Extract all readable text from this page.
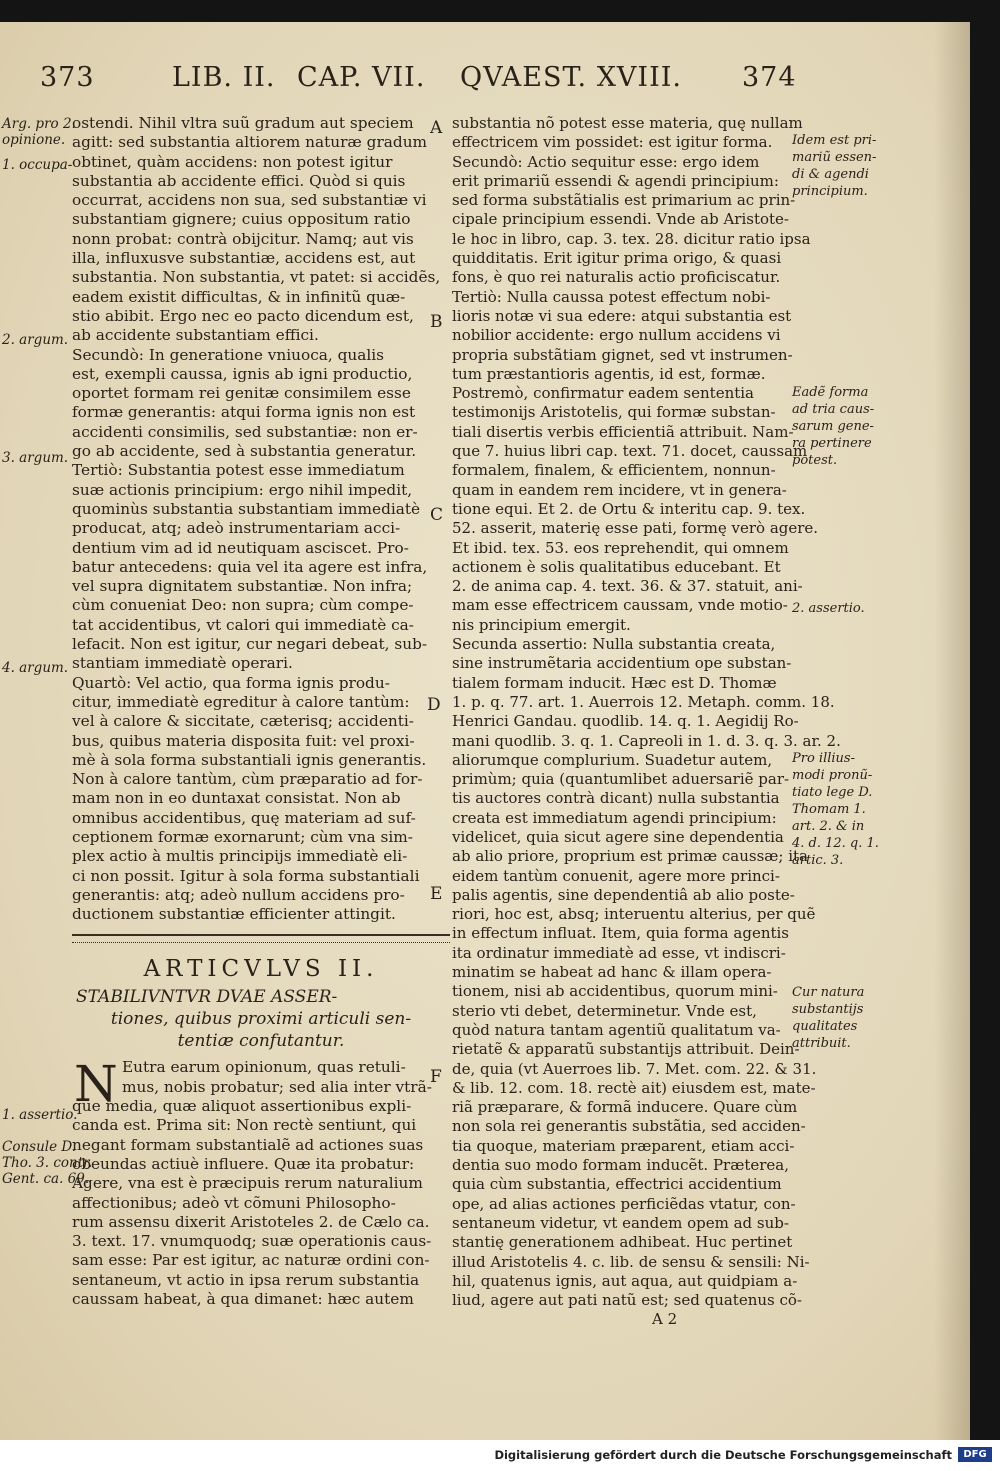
373	LIB. II. CAP. VII. QVAEST. XVIII. 374
ostendi. Nihil vltra suũ gradum aut speciem
agitt: sed substantia altiorem naturæ gradum
obtinet, quàm accidens: non potest igitur
substantia ab accidente effici. Quòd si quis
occurrat, accidens non sua, sed substantiæ vi
substantiam gignere; cuius oppositum ratio
nonn probat: contrà obijcitur. Namq; aut vis
illa, influxusve substantiæ, accidens est, aut
substantia. Non substantia, vt patet: si accidẽs,
eadem existit difficultas, & in infinitũ quæ-
stio abibit. Ergo nec eo pacto dicendum est,
ab accidente substantiam effici.
Secundò: In generatione vniuoca, qualis
est, exempli caussa, ignis ab igni productio,
oportet formam rei genitæ consimilem esse
formæ generantis: atqui forma ignis non est
accidenti consimilis, sed substantiæ: non er-
go ab accidente, sed à substantia generatur.
Tertiò: Substantia potest esse immediatum
suæ actionis principium: ergo nihil impedit,
quominùs substantia substantiam immediatè
producat, atq; adeò instrumentariam acci-
dentium vim ad id neutiquam asciscet. Pro-
batur antecedens: quia vel ita agere est infra,
vel supra dignitatem substantiæ. Non infra;
cùm conueniat Deo: non supra; cùm compe-
tat accidentibus, vt calori qui immediatè ca-
lefacit. Non est igitur, cur negari debeat, sub-
stantiam immediatè operari.
Quartò: Vel actio, qua forma ignis produ-
citur, immediatè egreditur à calore tantùm:
vel à calore & siccitate, cæterisq; accidenti-
bus, quibus materia disposita fuit: vel proxi-
mè à sola forma substantiali ignis generantis.
Non à calore tantùm, cùm præparatio ad for-
mam non in eo duntaxat consistat. Non ab
omnibus accidentibus, quę materiam ad suf-
ceptionem formæ exornarunt; cùm vna sim-
plex actio à multis principijs immediatè eli-
ci non possit. Igitur à sola forma substantiali
generantis: atq; adeò nullum accidens pro-
ductionem substantiæ efficienter attingit.
ARTICVLVS II.
STABILIVNTVR DVAE ASSER-
tiones, quibus proximi articuli sen-
tentiæ confutantur.
N Eutra earum opinionum, quas retuli-
mus, nobis probatur; sed alia inter vtrã-
que media, quæ aliquot assertionibus expli-
canda est. Prima sit: Non rectè sentiunt, qui
negant formam substantialẽ ad actiones suas
obeundas actiuè influere. Quæ ita probatur:
Agere, vna est è præcipuis rerum naturalium
affectionibus; adeò vt cõmuni Philosopho-
rum assensu dixerit Aristoteles 2. de Cælo ca.
3. text. 17. vnumquodq; suæ operationis caus-
sam esse: Par est igitur, ac naturæ ordini con-
sentaneum, vt actio in ipsa rerum substantia
caussam habeat, à qua dimanet: hæc autem
substantia nõ potest esse materia, quę nullam
effectricem vim possidet: est igitur forma.
Secundò: Actio sequitur esse: ergo idem
erit primariũ essendi & agendi principium:
sed forma substãtialis est primarium ac prin-
cipale principium essendi. Vnde ab Aristote-
le hoc in libro, cap. 3. tex. 28. dicitur ratio ipsa
quidditatis. Erit igitur prima origo, & quasi
fons, è quo rei naturalis actio proficiscatur.
Tertiò: Nulla caussa potest effectum nobi-
lioris notæ vi sua edere: atqui substantia est
nobilior accidente: ergo nullum accidens vi
propria substãtiam gignet, sed vt instrumen-
tum præstantioris agentis, id est, formæ.
Postremò, confirmatur eadem sententia
testimonijs Aristotelis, qui formæ substan-
tiali disertis verbis efficientiã attribuit. Nam-
que 7. huius libri cap. text. 71. docet, caussam
formalem, finalem, & efficientem, nonnun-
quam in eandem rem incidere, vt in genera-
tione equi. Et 2. de Ortu & interitu cap. 9. tex.
52. asserit, materię esse pati, formę verò agere.
Et ibid. tex. 53. eos reprehendit, qui omnem
actionem è solis qualitatibus educebant. Et
2. de anima cap. 4. text. 36. & 37. statuit, ani-
mam esse effectricem caussam, vnde motio-
nis principium emergit.
Secunda assertio: Nulla substantia creata,
sine instrumẽtaria accidentium ope substan-
tialem formam inducit. Hæc est D. Thomæ
1. p. q. 77. art. 1. Auerrois 12. Metaph. comm. 18.
Henrici Gandau. quodlib. 14. q. 1. Aegidij Ro-
mani quodlib. 3. q. 1. Capreoli in 1. d. 3. q. 3. ar. 2.
aliorumque complurium. Suadetur autem,
primùm; quia (quantumlibet aduersariẽ par-
tis auctores contrà dicant) nulla substantia
creata est immediatum agendi principium:
videlicet, quia sicut agere sine dependentia
ab alio priore, proprium est primæ caussæ; ita
eidem tantùm conuenit, agere more princi-
palis agentis, sine dependentiâ ab alio poste-
riori, hoc est, absq; interuentu alterius, per quẽ
in effectum influat. Item, quia forma agentis
ita ordinatur immediatè ad esse, vt indiscri-
minatim se habeat ad hanc & illam opera-
tionem, nisi ab accidentibus, quorum mini-
sterio vti debet, determinetur. Vnde est,
quòd natura tantam agentiũ qualitatum va-
rietatẽ & apparatũ substantijs attribuit. Dein-
de, quia (vt Auerroes lib. 7. Met. com. 22. & 31.
& lib. 12. com. 18. rectè ait) eiusdem est, mate-
riã præparare, & formã inducere. Quare cùm
non sola rei generantis substãtia, sed acciden-
tia quoque, materiam præparent, etiam acci-
dentia suo modo formam inducẽt. Præterea,
quia cùm substantia, effectrici accidentium
ope, ad alias actiones perficiẽdas vtatur, con-
sentaneum videtur, vt eandem opem ad sub-
stantię generationem adhibeat. Huc pertinet
illud Aristotelis 4. c. lib. de sensu & sensili: Ni-
hil, quatenus ignis, aut aqua, aut quidpiam a-
liud, agere aut pati natũ est; sed quatenus cõ-
A 2
A
B
C
D
E
F
Arg. pro 2.
opinione.
1. occupa-
2. argum.
3. argum.
4. argum.
1. assertio.
Consule D.
Tho. 3. contr.
Gent. ca. 69.
Idem est pri-
mariũ essen-
di & agendi
principium.
Eadẽ forma
ad tria caus-
sarum gene-
ra pertinere
potest.
2. assertio.
Pro illius-
modi pronũ-
tiato lege D.
Thomam 1.
art. 2. & in
4. d. 12. q. 1.
artic. 3.
Cur natura
substantijs
qualitates
attribuit.
Digitalisierung gefördert durch die Deutsche Forschungsgemeinschaft	DFG
